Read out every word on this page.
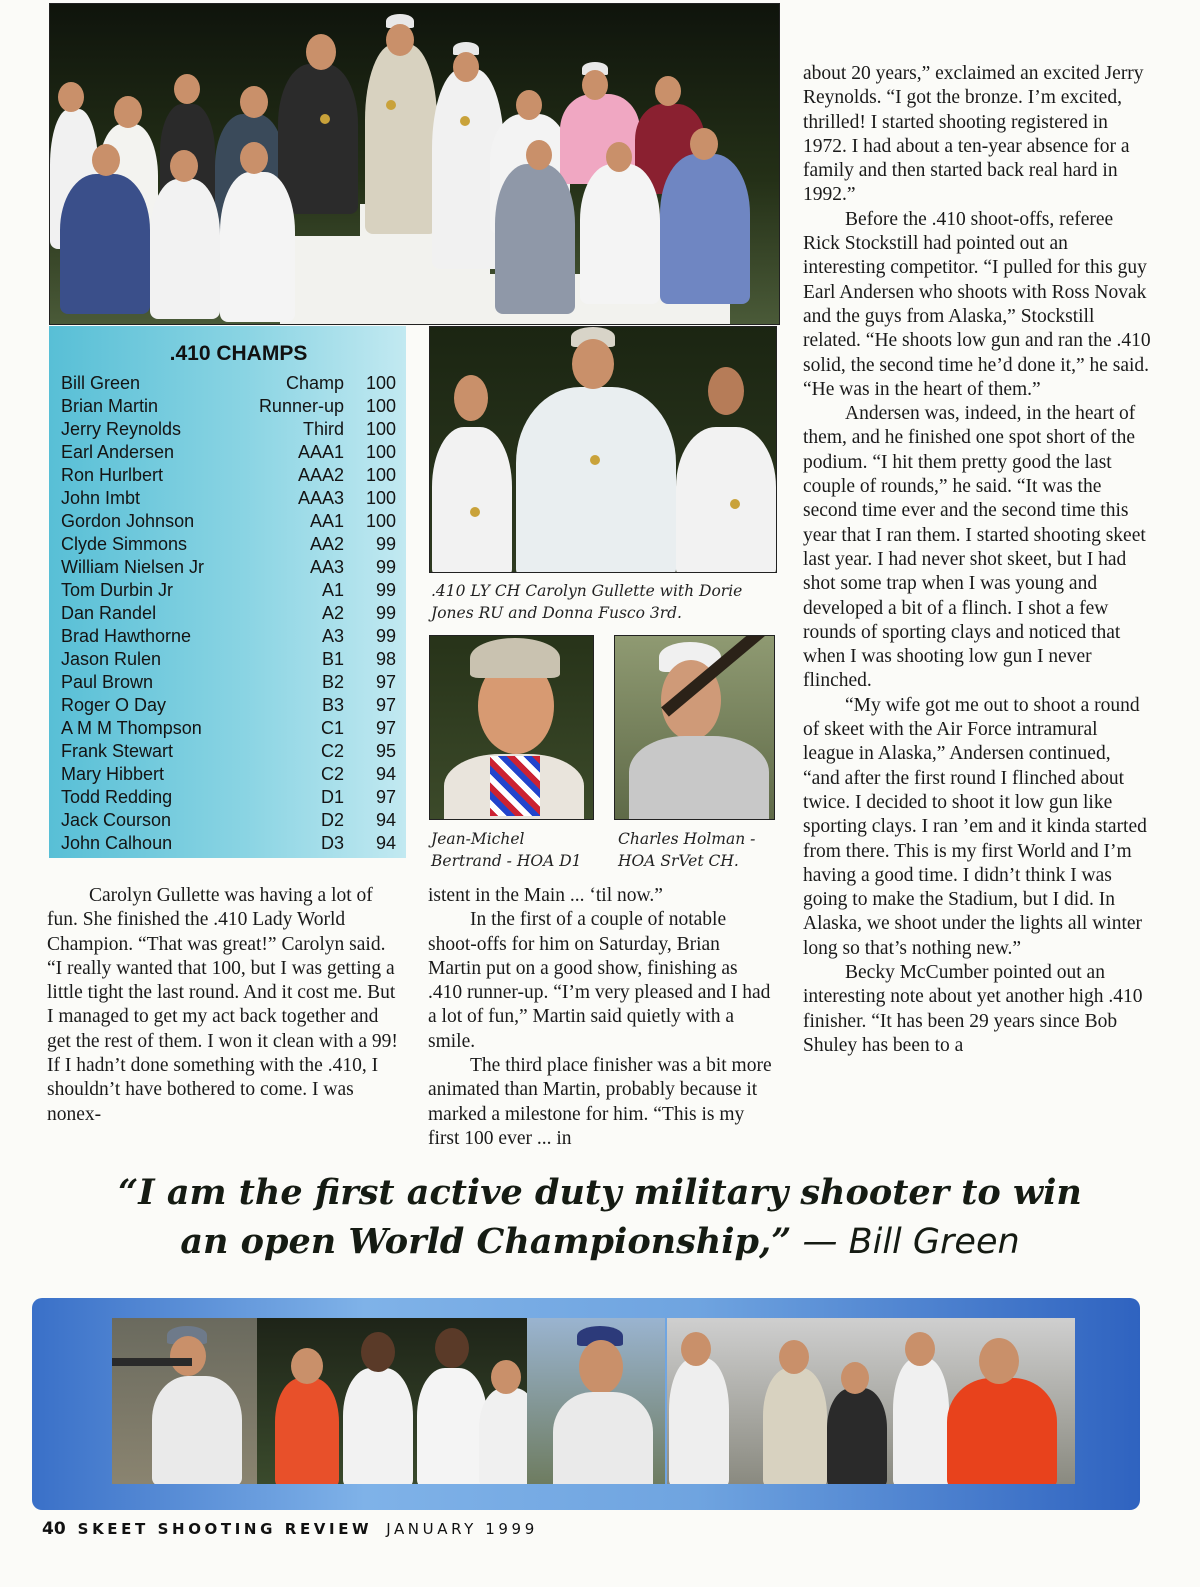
.410 CHAMPS
Bill Green	Champ 100
Brian Martin	Runner-up 100
Jerry Reynolds	Third 100
Earl Andersen	AAA1 100
Ron Hurlbert	AAA2 100
John Imbt	AAA3 100
Gordon Johnson	AA1 100
Clyde Simmons	AA2	99
William Nielsen Jr	AA3	99
Tom Durbin Jr	A1	99
Dan Randel	A2	99
Brad Hawthorne	A3	99
Jason Rulen	B1	98
Paul Brown	B2	97
Roger O Day	B3	97
A M M Thompson	C1	97
Frank Stewart	C2	95
Mary Hibbert	C2	94
Todd Redding	D1	97
Jack Courson	D2	94
John Calhoun	D3	94
.410 LY CH Carolyn Gullette with Dorie Jones RU and Donna Fusco 3rd.
Jean-Michel
Bertrand - HOA D1
Charles Holman -
HOA SrVet CH.

Carolyn Gullette was having a lot of fun. She finished the .410 Lady World Champion. “That was great!” Carolyn said. “I really wanted that 100, but I was getting a little tight the last round. And it cost me. But I managed to get my act back together and get the rest of them. I won it clean with a 99! If I hadn’t done something with the .410, I shouldn’t have bothered to come. I was nonex-

istent in the Main ... ‘til now.”

In the first of a couple of notable shoot-offs for him on Saturday, Brian Martin put on a good show, finishing as .410 runner-up. “I’m very pleased and I had a lot of fun,” Martin said quietly with a smile.

The third place finisher was a bit more animated than Martin, probably because it marked a milestone for him. “This is my first 100 ever ... in

about 20 years,” exclaimed an excited Jerry Reynolds. “I got the bronze. I’m excited, thrilled! I started shooting registered in 1972. I had about a ten-year absence for a family and then started back real hard in 1992.”

Before the .410 shoot-offs, referee Rick Stockstill had pointed out an interesting competitor. “I pulled for this guy Earl Andersen who shoots with Ross Novak and the guys from Alaska,” Stockstill related. “He shoots low gun and ran the .410 solid, the second time he’d done it,” he said. “He was in the heart of them.”

Andersen was, indeed, in the heart of them, and he finished one spot short of the podium. “I hit them pretty good the last couple of rounds,” he said. “It was the second time ever and the second time this year that I ran them. I started shooting skeet last year. I had never shot skeet, but I had shot some trap when I was young and developed a bit of a flinch. I shot a few rounds of sporting clays and noticed that when I was shooting low gun I never flinched.

“My wife got me out to shoot a round of skeet with the Air Force intramural league in Alaska,” Andersen continued, “and after the first round I flinched about twice. I decided to shoot it low gun like sporting clays. I ran ’em and it kinda started from there. This is my first World and I’m having a good time. I didn’t think I was going to make the Stadium, but I did. In Alaska, we shoot under the lights all winter long so that’s nothing new.”

Becky McCumber pointed out an interesting note about yet another high .410 finisher. “It has been 29 years since Bob Shuley has been to a

“I am the first active duty military shooter to win
an open World Championship,” — Bill Green
40 SKEET SHOOTING REVIEW JANUARY 1999
